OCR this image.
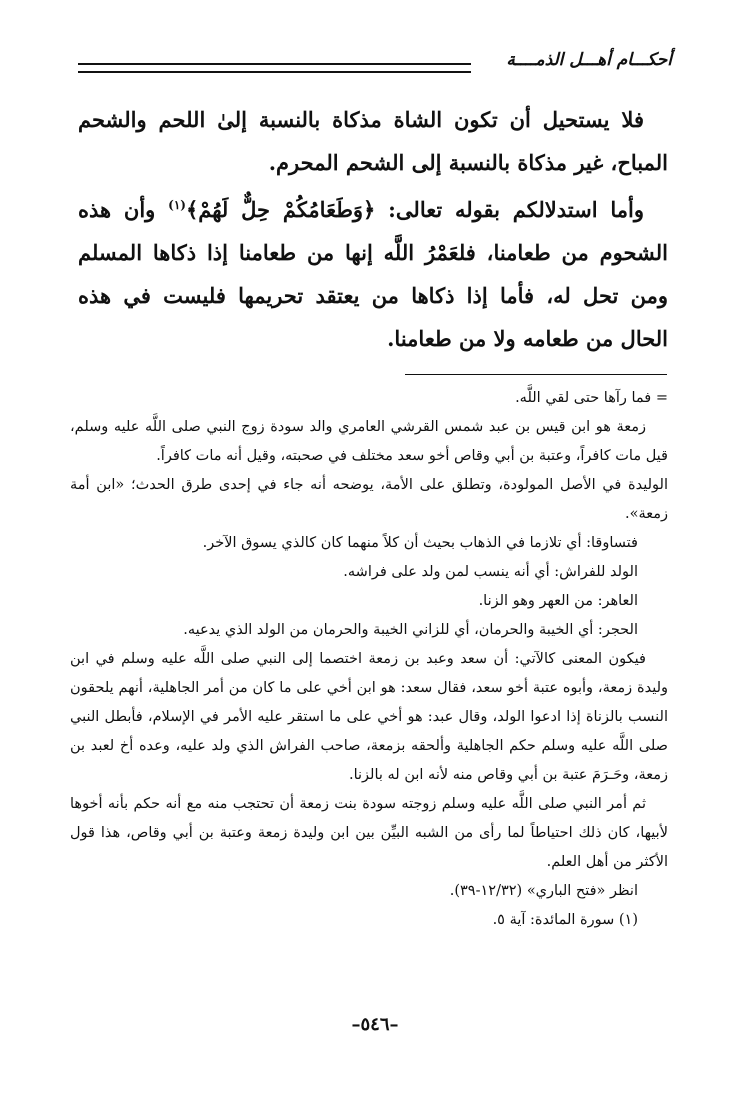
أحكـــام أهـــل الذمــــة

فلا يستحيل أن تكون الشاة مذكاة بالنسبة إلىٰ اللحم والشحم المباح، غير مذكاة بالنسبة إلى الشحم المحرم.

وأما استدلالكم بقوله تعالى: ﴿وَطَعَامُكُمْ حِلٌّ لَهُمْ﴾$^{(١)}$ وأن هذه الشحوم من طعامنا، فلعَمْرُ اللَّه إنها من طعامنا إذا ذكاها المسلم ومن تحل له، فأما إذا ذكاها من يعتقد تحريمها فليست في هذه الحال من طعامه ولا من طعامنا.

= فما رآها حتى لقي اللَّه.

زمعة هو ابن قيس بن عبد شمس القرشي العامري والد سودة زوج النبي صلى اللَّه عليه وسلم، قيل مات كافراً، وعتبة بن أبي وقاص أخو سعد مختلف في صحبته، وقيل أنه مات كافراً.

الوليدة في الأصل المولودة، وتطلق على الأمة، يوضحه أنه جاء في إحدى طرق الحدث؛ «ابن أمة زمعة».

فتساوقا: أي تلازما في الذهاب بحيث أن كلاً منهما كان كالذي يسوق الآخر.

الولد للفراش: أي أنه ينسب لمن ولد على فراشه.

العاهر: من العهر وهو الزنا.

الحجر: أي الخيبة والحرمان، أي للزاني الخيبة والحرمان من الولد الذي يدعيه.

فيكون المعنى كالآتي: أن سعد وعبد بن زمعة اختصما إلى النبي صلى اللَّه عليه وسلم في ابن وليدة زمعة، وأبوه عتبة أخو سعد، فقال سعد: هو ابن أخي على ما كان من أمر الجاهلية، أنهم يلحقون النسب بالزناة إذا ادعوا الولد، وقال عبد: هو أخي على ما استقر عليه الأمر في الإسلام، فأبطل النبي صلى اللَّه عليه وسلم حكم الجاهلية وألحقه بزمعة، صاحب الفراش الذي ولد عليه، وعده أخ لعبد بن زمعة، وحَـرَمَ عتبة بن أبي وقاص منه لأنه ابن له بالزنا.

ثم أمر النبي صلى اللَّه عليه وسلم زوجته سودة بنت زمعة أن تحتجب منه مع أنه حكم بأنه أخوها لأبيها، كان ذلك احتياطاً لما رأى من الشبه البيِّن بين ابن وليدة زمعة وعتبة بن أبي وقاص، هذا قول الأكثر من أهل العلم.

انظر «فتح الباري» (١٢/٣٢-٣٩).

(١) سورة المائدة: آية ٥.

–٥٤٦–
